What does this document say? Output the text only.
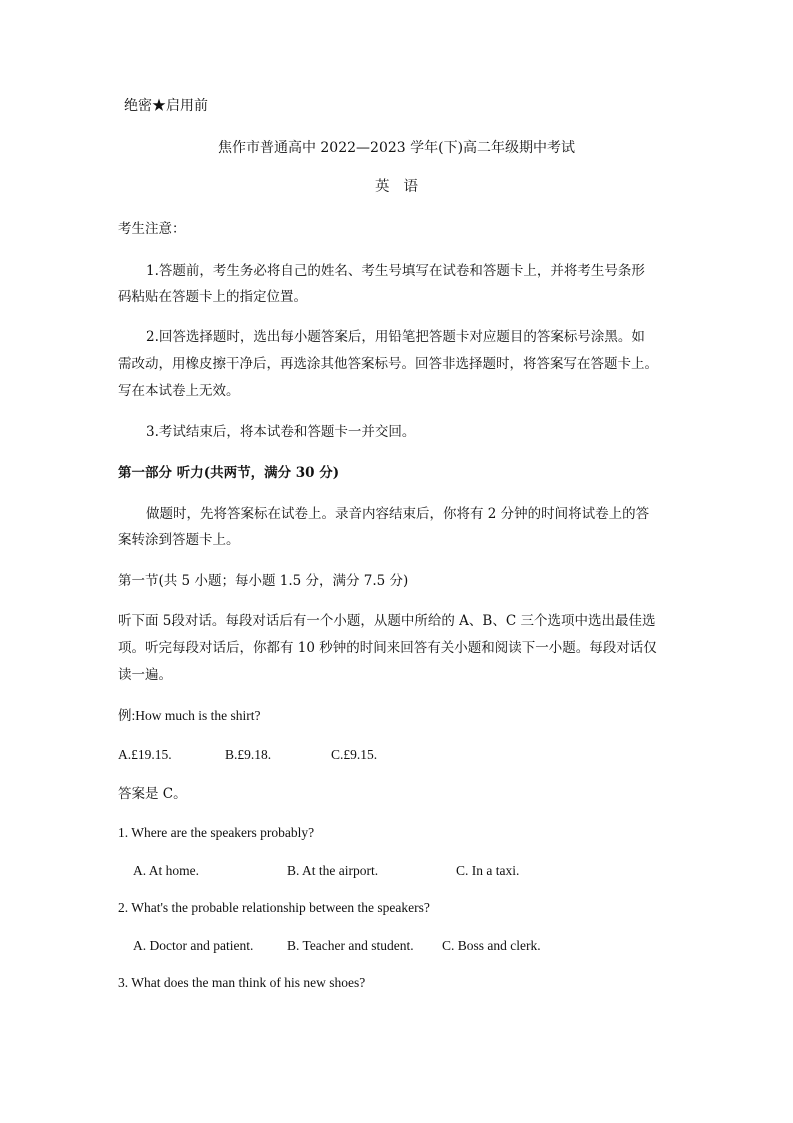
绝密★启用前
焦作市普通高中 2022—2023 学年(下)高二年级期中考试
英语
考生注意：
1.答题前，考生务必将自己的姓名、考生号填写在试卷和答题卡上，并将考生号条形
码粘贴在答题卡上的指定位置。
2.回答选择题时，选出每小题答案后，用铅笔把答题卡对应题目的答案标号涂黑。如
需改动，用橡皮擦干净后，再选涂其他答案标号。回答非选择题时，将答案写在答题卡上。
写在本试卷上无效。
3.考试结束后，将本试卷和答题卡一并交回。
第一部分 听力(共两节，满分 30 分)
做题时，先将答案标在试卷上。录音内容结束后，你将有 2 分钟的时间将试卷上的答
案转涂到答题卡上。
第一节(共 5 小题；每小题 1.5 分，满分 7.5 分)
听下面 5段对话。每段对话后有一个小题，从题中所给的 A、B、C 三个选项中选出最佳选
项。听完每段对话后，你都有 10 秒钟的时间来回答有关小题和阅读下一小题。每段对话仅
读一遍。
例:How much is the shirt?
A.£19.15.	B.£9.18.	C.£9.15.
答案是 C。
1. Where are the speakers probably?
A. At home.	B. At the airport.	C. In a taxi.
2. What's the probable relationship between the speakers?
A. Doctor and patient. B. Teacher and student. C. Boss and clerk.
3. What does the man think of his new shoes?
